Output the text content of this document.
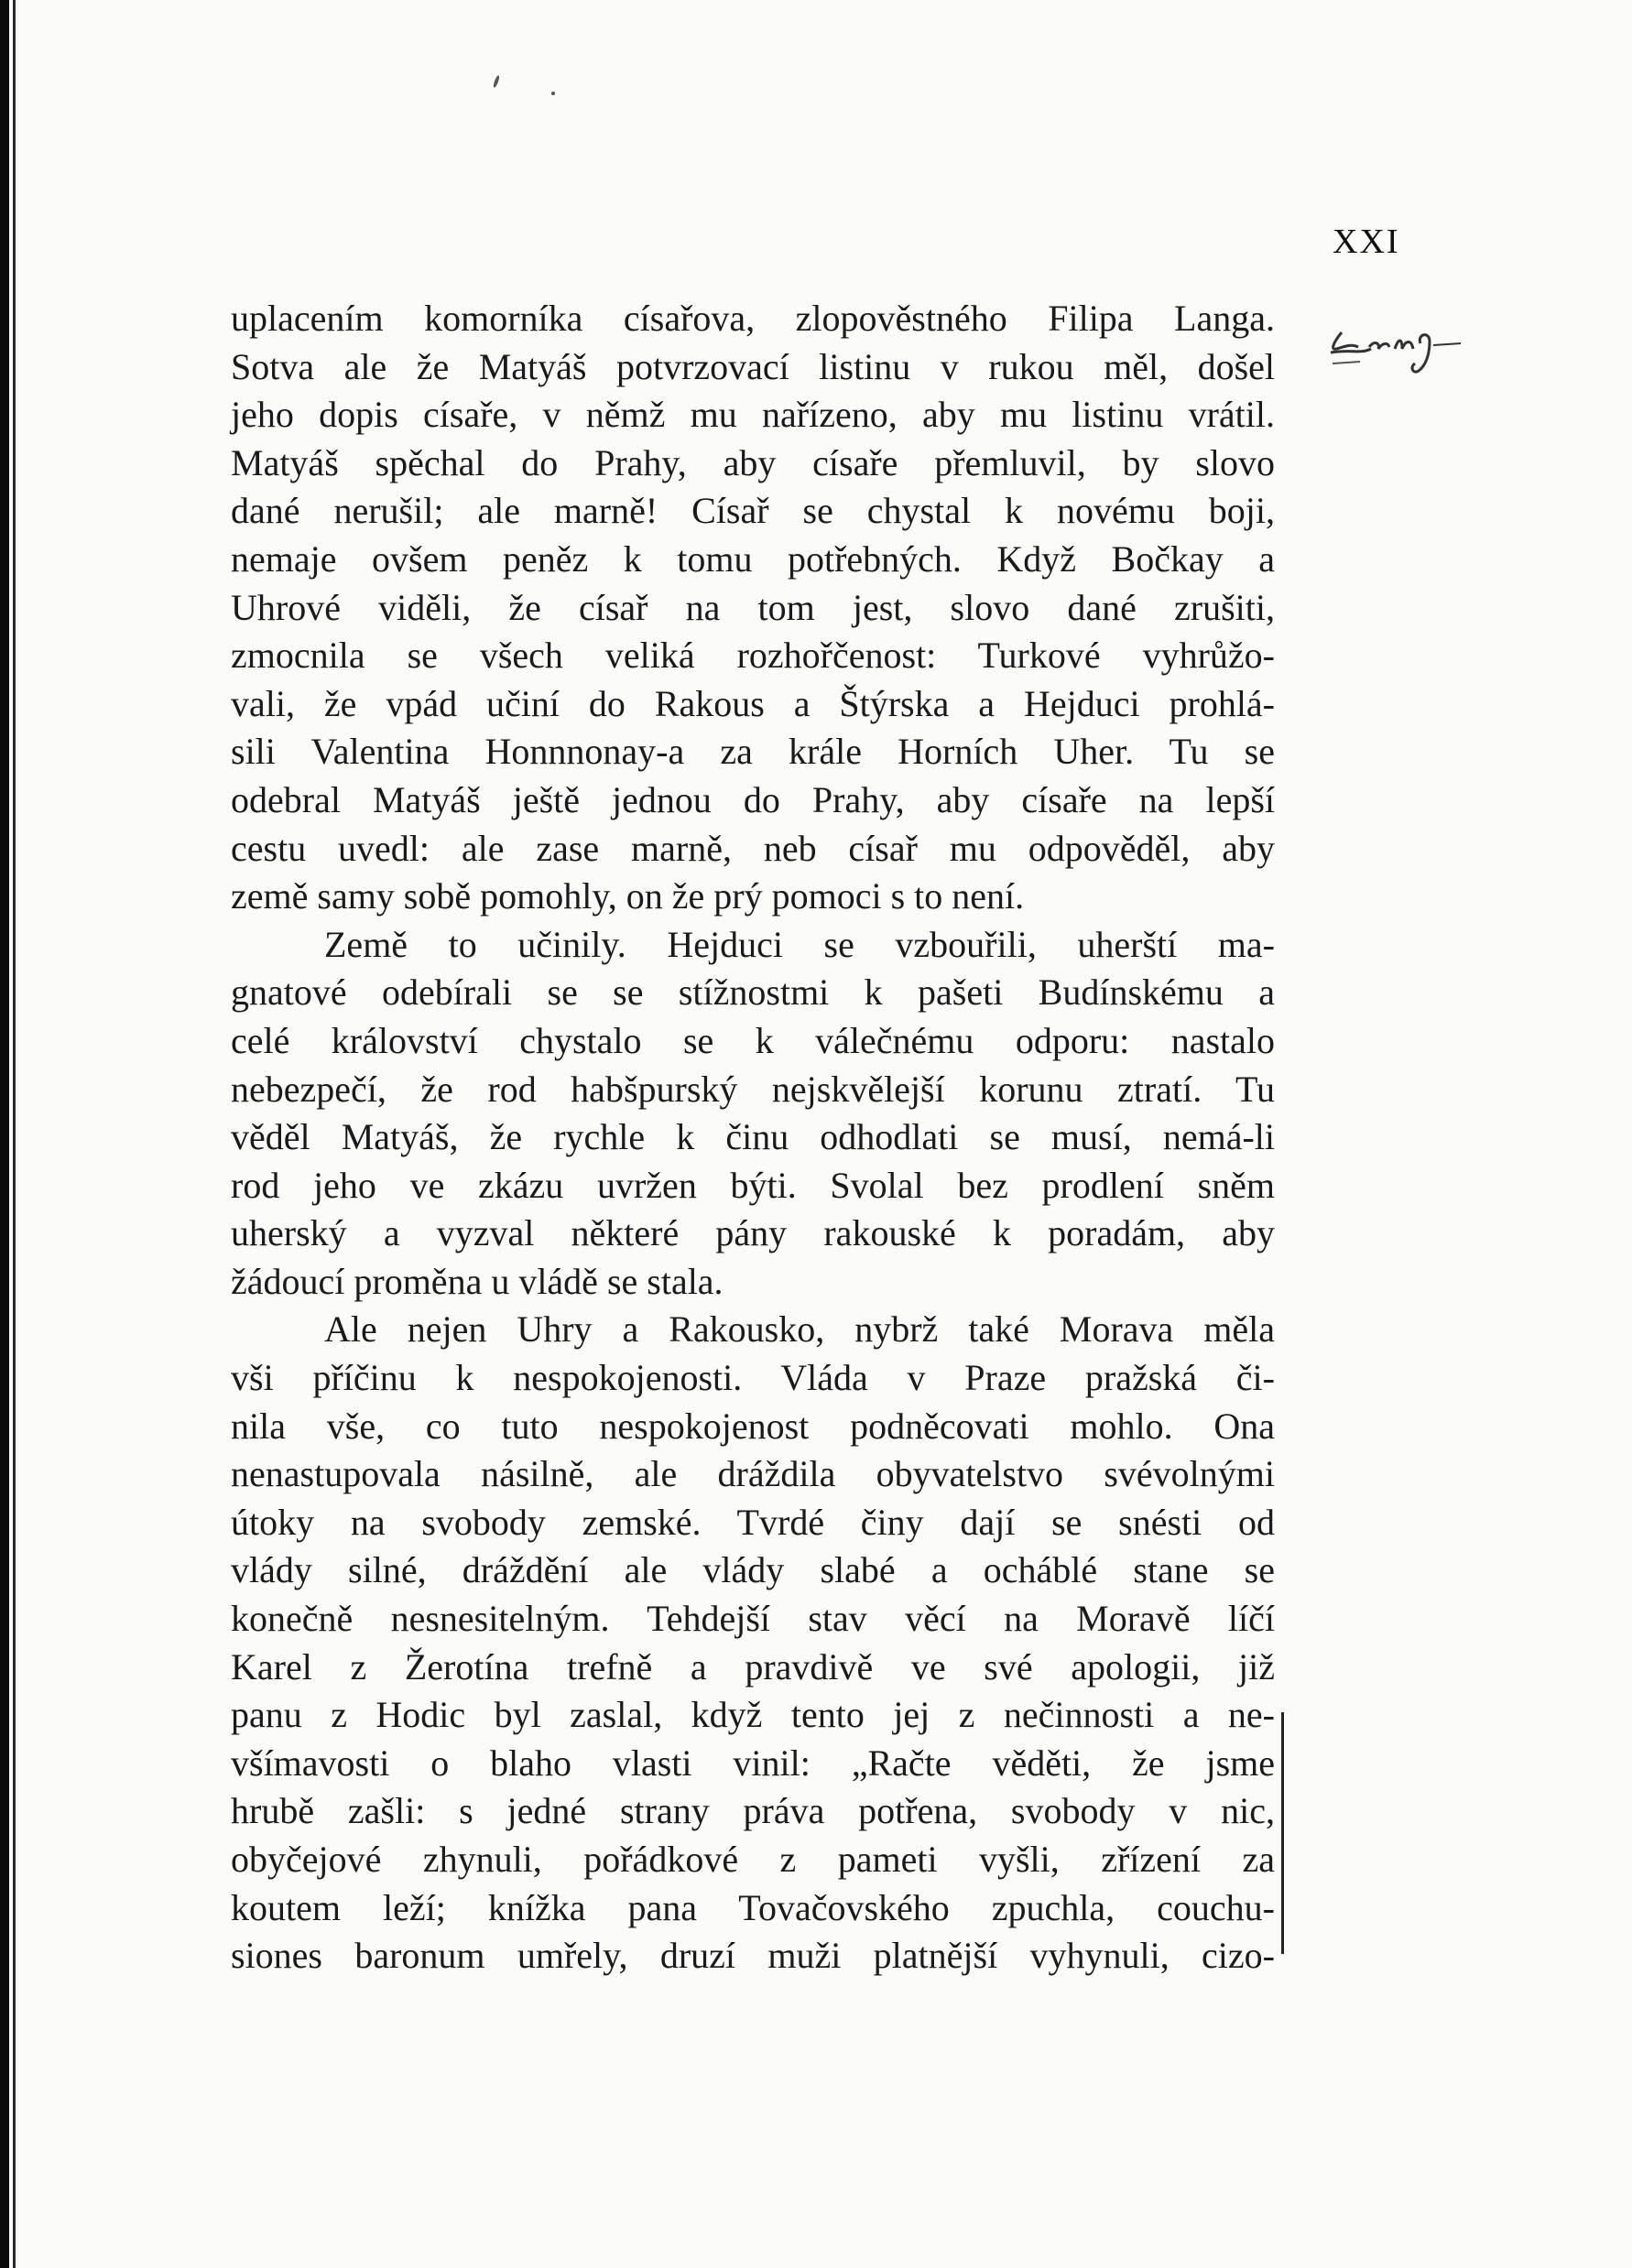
XXI
uplacením komorníka císařova, zlopověstného Filipa Langa.
Sotva ale že Matyáš potvrzovací listinu v rukou měl, došel
jeho dopis císaře, v němž mu nařízeno, aby mu listinu vrátil.
Matyáš spěchal do Prahy, aby císaře přemluvil, by slovo
dané nerušil; ale marně! Císař se chystal k novému boji,
nemaje ovšem peněz k tomu potřebných. Když Bočkay a
Uhrové viděli, že císař na tom jest, slovo dané zrušiti,
zmocnila se všech veliká rozhořčenost: Turkové vyhrůžo-
vali, že vpád učiní do Rakous a Štýrska a Hejduci prohlá-
sili Valentina Honnnonay-a za krále Horních Uher. Tu se
odebral Matyáš ještě jednou do Prahy, aby císaře na lepší
cestu uvedl: ale zase marně, neb císař mu odpověděl, aby
země samy sobě pomohly, on že prý pomoci s to není.
Země to učinily. Hejduci se vzbouřili, uherští ma-
gnatové odebírali se se stížnostmi k pašeti Budínskému a
celé království chystalo se k válečnému odporu: nastalo
nebezpečí, že rod habšpurský nejskvělejší korunu ztratí. Tu
věděl Matyáš, že rychle k činu odhodlati se musí, nemá-li
rod jeho ve zkázu uvržen býti. Svolal bez prodlení sněm
uherský a vyzval některé pány rakouské k poradám, aby
žádoucí proměna u vládě se stala.
Ale nejen Uhry a Rakousko, nybrž také Morava měla
vši příčinu k nespokojenosti. Vláda v Praze pražská či-
nila vše, co tuto nespokojenost podněcovati mohlo. Ona
nenastupovala násilně, ale dráždila obyvatelstvo svévolnými
útoky na svobody zemské. Tvrdé činy dají se snésti od
vlády silné, dráždění ale vlády slabé a ocháblé stane se
konečně nesnesitelným. Tehdejší stav věcí na Moravě líčí
Karel z Žerotína trefně a pravdivě ve své apologii, již
panu z Hodic byl zaslal, když tento jej z nečinnosti a ne-
všímavosti o blaho vlasti vinil: „Račte věděti, že jsme
hrubě zašli: s jedné strany práva potřena, svobody v nic,
obyčejové zhynuli, pořádkové z pameti vyšli, zřízení za
koutem leží; knížka pana Tovačovského zpuchla, couchu-
siones baronum umřely, druzí muži platnější vyhynuli, cizo-
